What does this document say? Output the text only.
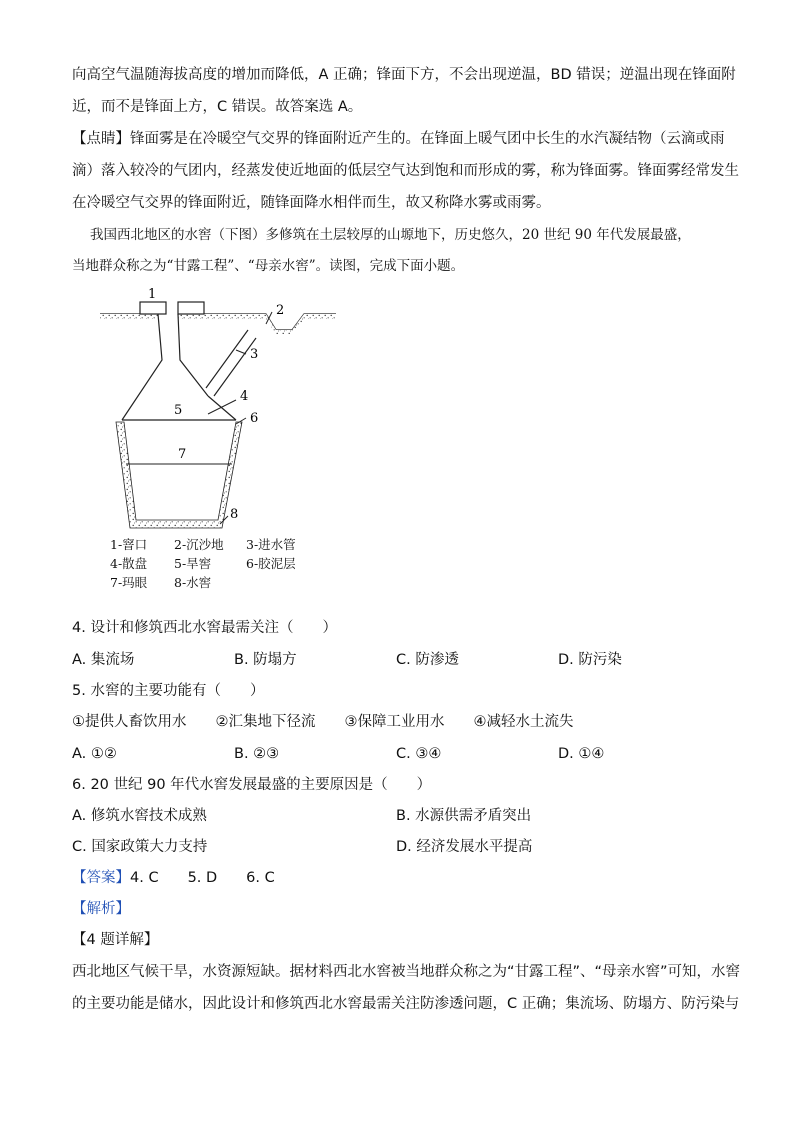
向高空气温随海拔高度的增加而降低，A 正确；锋面下方，不会出现逆温，BD 错误；逆温出现在锋面附
近，而不是锋面上方，C 错误。故答案选 A。
【点睛】锋面雾是在冷暖空气交界的锋面附近产生的。在锋面上暖气团中长生的水汽凝结物（云滴或雨
滴）落入较冷的气团内，经蒸发使近地面的低层空气达到饱和而形成的雾，称为锋面雾。锋面雾经常发生
在冷暖空气交界的锋面附近，随锋面降水相伴而生，故又称降水雾或雨雾。
我国西北地区的水窖（下图）多修筑在土层较厚的山塬地下，历史悠久，20 世纪 90 年代发展最盛，
当地群众称之为“甘露工程”、“母亲水窖”。读图，完成下面小题。
1
2
3
4
5
6
7
8
1-窨口 2-沉沙地 3-进水管
4-散盘 5-旱窖	6-胶泥层
7-玛眼 8-水窖
4. 设计和修筑西北水窖最需关注（　　）
A. 集流场	B. 防塌方	C. 防渗透	D. 防污染
5. 水窖的主要功能有（　　）
①提供人畜饮用水　　②汇集地下径流　　③保障工业用水　　④减轻水土流失
A. ①②	B. ②③	C. ③④	D. ①④
6. 20 世纪 90 年代水窖发展最盛的主要原因是（　　）
A. 修筑水窖技术成熟	B. 水源供需矛盾突出
C. 国家政策大力支持	D. 经济发展水平提高
【答案】4. C　　5. D　　6. C
【解析】
【4 题详解】
西北地区气候干旱，水资源短缺。据材料西北水窖被当地群众称之为“甘露工程”、“母亲水窖”可知，水窖
的主要功能是储水，因此设计和修筑西北水窖最需关注防渗透问题，C 正确；集流场、防塌方、防污染与
